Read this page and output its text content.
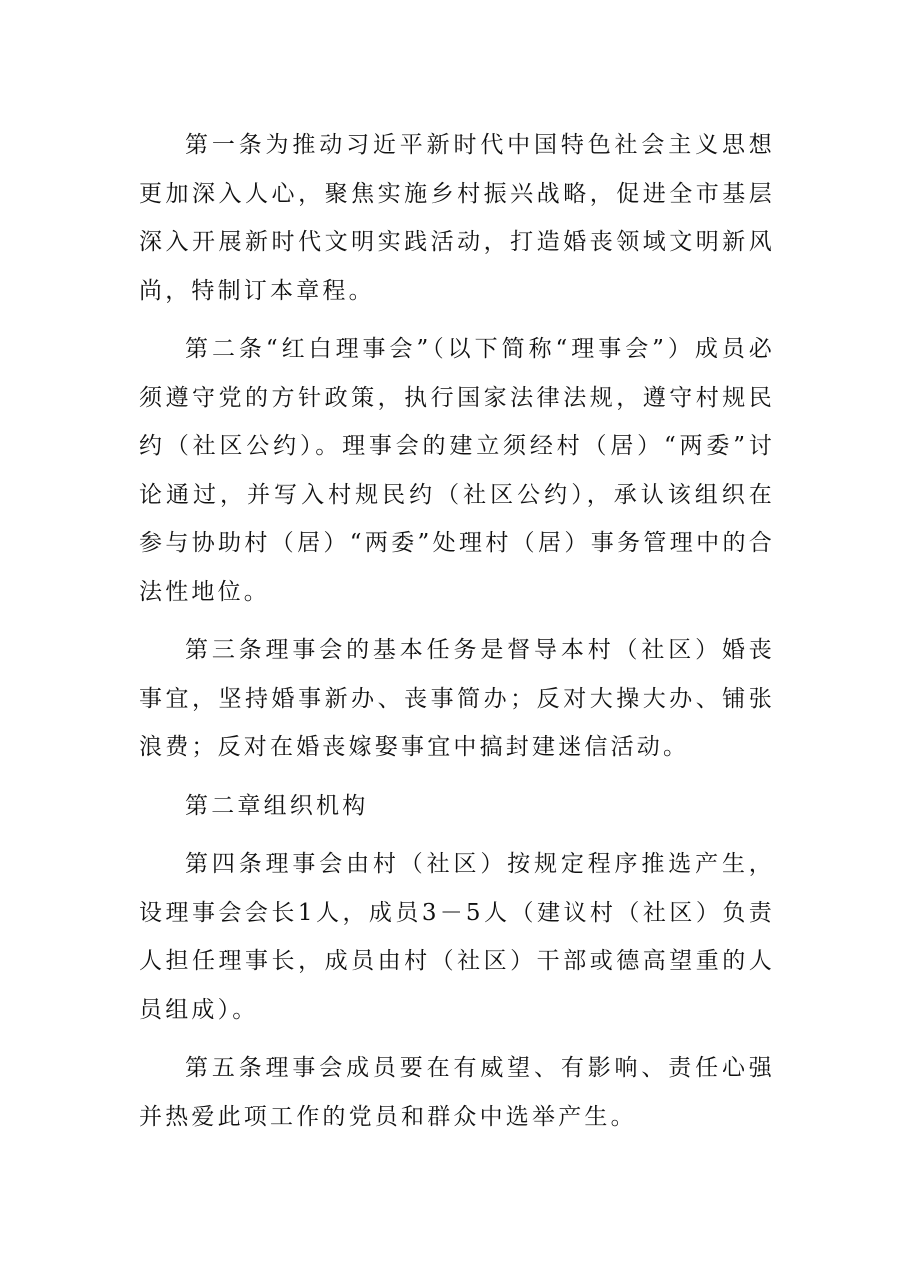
第一条为推动习近平新时代中国特色社会主义思想更加深入人心，聚焦实施乡村振兴战略，促进全市基层深入开展新时代文明实践活动，打造婚丧领域文明新风尚，特制订本章程。

第二条“红白理事会”（以下简称“理事会”）成员必须遵守党的方针政策，执行国家法律法规，遵守村规民约（社区公约）。理事会的建立须经村（居）“两委”讨论通过，并写入村规民约（社区公约），承认该组织在参与协助村（居）“两委”处理村（居）事务管理中的合法性地位。

第三条理事会的基本任务是督导本村（社区）婚丧事宜，坚持婚事新办、丧事简办；反对大操大办、铺张浪费；反对在婚丧嫁娶事宜中搞封建迷信活动。

第二章组织机构

第四条理事会由村（社区）按规定程序推选产生，设理事会会长1人，成员3－5人（建议村（社区）负责人担任理事长，成员由村（社区）干部或德高望重的人员组成）。

第五条理事会成员要在有威望、有影响、责任心强并热爱此项工作的党员和群众中选举产生。
